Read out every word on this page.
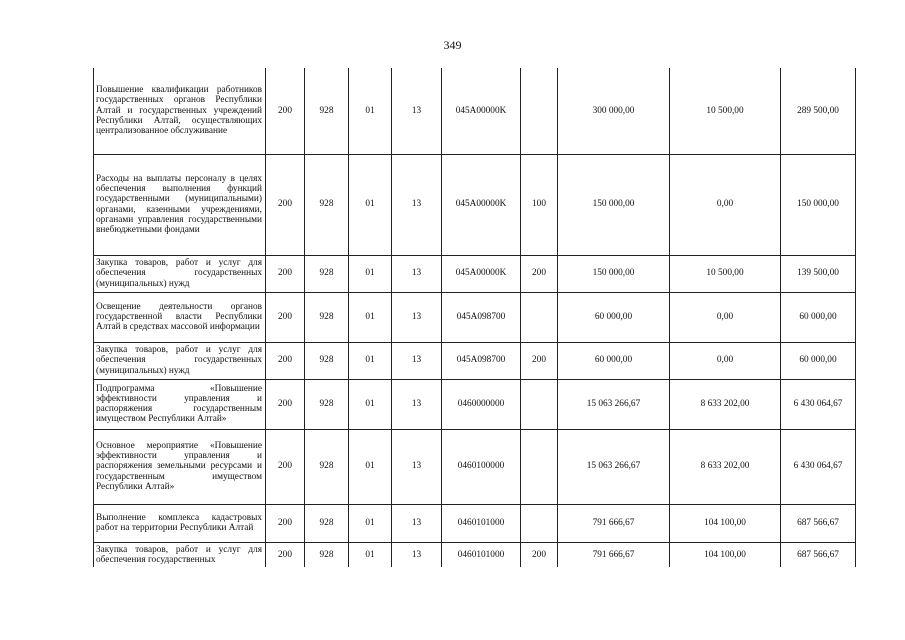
349
Повышение квалификации работников государственных органов Республики Алтай и государственных учреждений Республики Алтай, осуществляющих централизованное обслуживание	200	928	01	13	045A00000K		300 000,00	10 500,00	289 500,00
Расходы на выплаты персоналу в целях обеспечения выполнения функций государственными (муниципальными) органами, казенными учреждениями, органами управления государственными внебюджетными фондами	200	928	01	13	045A00000K	100	150 000,00	0,00	150 000,00
Закупка товаров, работ и услуг для обеспечения государственных (муниципальных) нужд	200	928	01	13	045A00000K	200	150 000,00	10 500,00	139 500,00
Освещение деятельности органов государственной власти Республики Алтай в средствах массовой информации	200	928	01	13	045A098700		60 000,00	0,00	60 000,00
Закупка товаров, работ и услуг для обеспечения государственных (муниципальных) нужд	200	928	01	13	045A098700	200	60 000,00	0,00	60 000,00
Подпрограмма «Повышение эффективности управления и распоряжения государственным имуществом Республики Алтай»	200	928	01	13	0460000000		15 063 266,67	8 633 202,00	6 430 064,67
Основное мероприятие «Повышение эффективности управления и распоряжения земельными ресурсами и государственным имуществом Республики Алтай»	200	928	01	13	0460100000		15 063 266,67	8 633 202,00	6 430 064,67
Выполнение комплекса кадастровых работ на территории Республики Алтай	200	928	01	13	0460101000		791 666,67	104 100,00	687 566,67
Закупка товаров, работ и услуг для обеспечения государственных	200	928	01	13	0460101000	200	791 666,67	104 100,00	687 566,67
